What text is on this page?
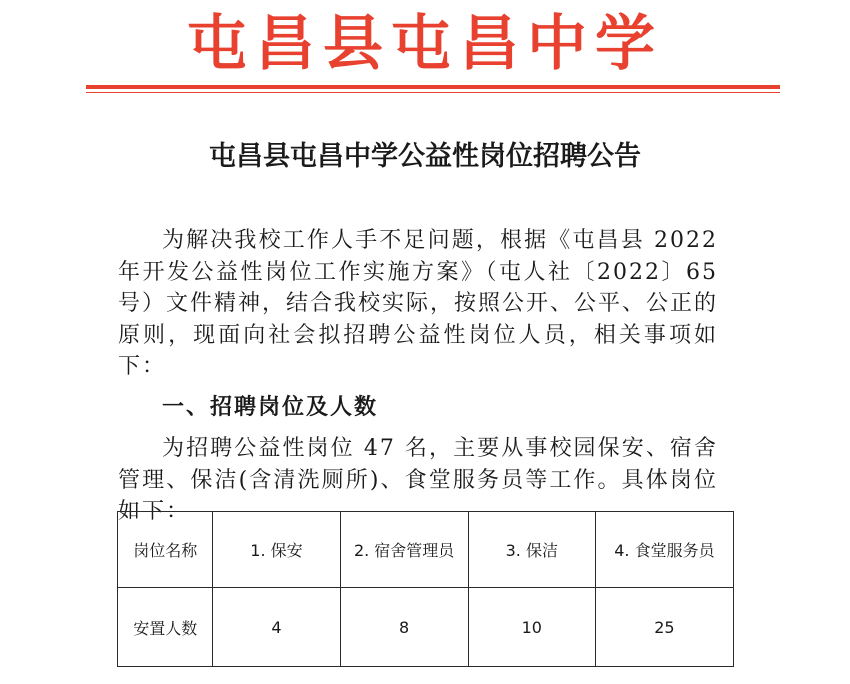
屯昌县屯昌中学
屯昌县屯昌中学公益性岗位招聘公告

为解决我校工作人手不足问题，根据《屯昌县 2022 年开发公益性岗位工作实施方案》（屯人社〔2022〕65 号）文件精神，结合我校实际，按照公开、公平、公正的原则，现面向社会拟招聘公益性岗位人员，相关事项如下：

一、招聘岗位及人数

为招聘公益性岗位 47 名，主要从事校园保安、宿舍管理、保洁(含清洗厕所)、食堂服务员等工作。具体岗位如下：

岗位名称	1. 保安	2. 宿舍管理员	3. 保洁	4. 食堂服务员
安置人数	4	8	10	25
